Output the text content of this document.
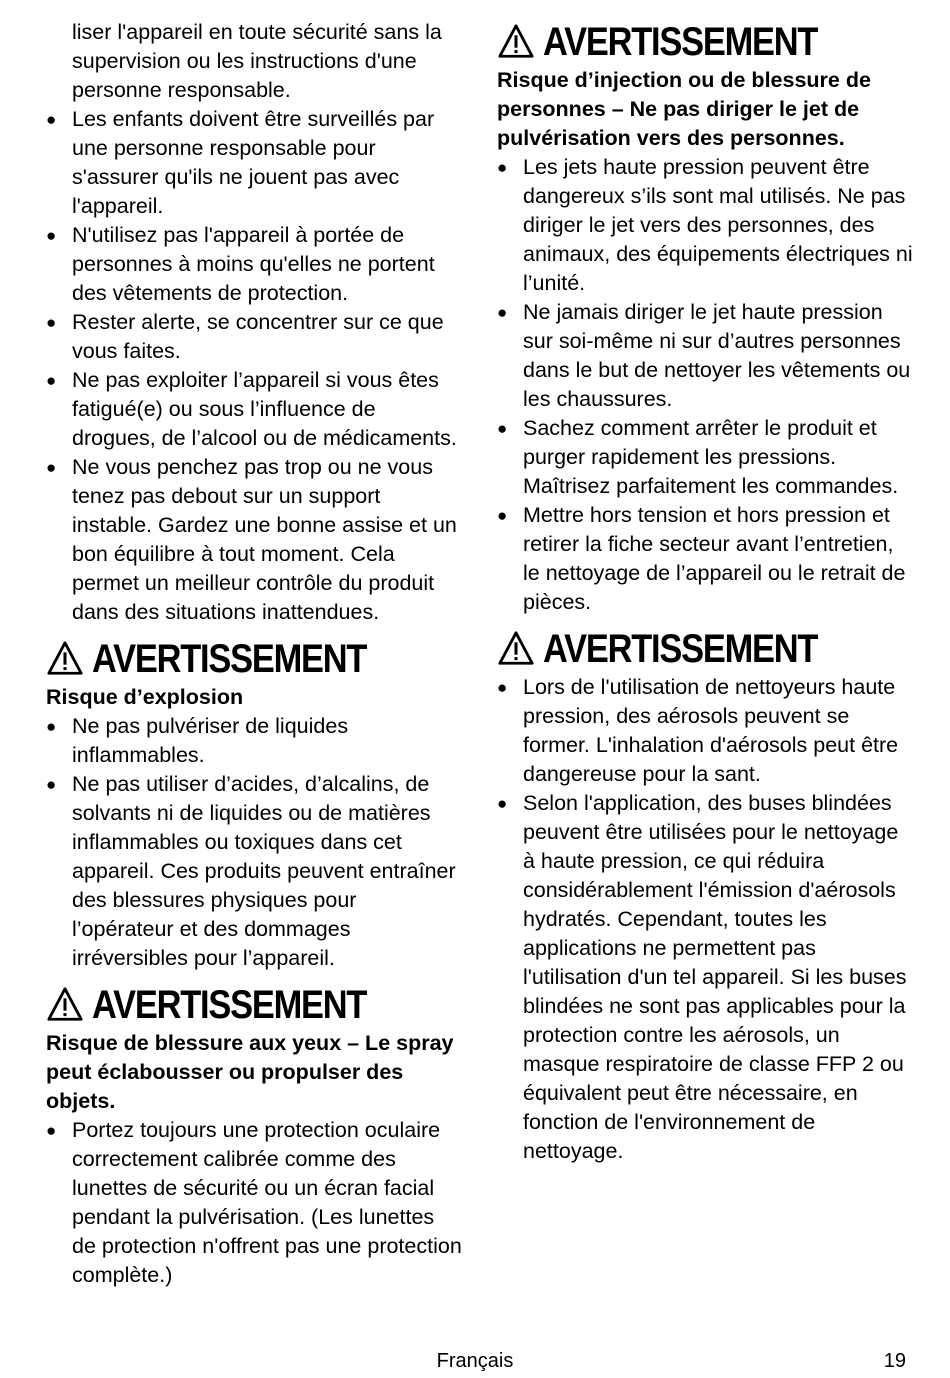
liser l'appareil en toute sécurité sans la supervision ou les instructions d'une personne responsable.

● Les enfants doivent être surveillés par une personne responsable pour s'assurer qu'ils ne jouent pas avec l'appareil.
● N'utilisez pas l'appareil à portée de personnes à moins qu'elles ne portent des vêtements de protection.
● Rester alerte, se concentrer sur ce que vous faites.
● Ne pas exploiter l’appareil si vous êtes fatigué(e) ou sous l’influence de drogues, de l’alcool ou de médicaments.
● Ne vous penchez pas trop ou ne vous tenez pas debout sur un support instable. Gardez une bonne assise et un bon équilibre à tout moment. Cela permet un meilleur contrôle du produit dans des situations inattendues.
AVERTISSEMENT

Risque d’explosion

● Ne pas pulvériser de liquides inflammables.
● Ne pas utiliser d’acides, d’alcalins, de solvants ni de liquides ou de matières inflammables ou toxiques dans cet appareil. Ces produits peuvent entraîner des blessures physiques pour l’opérateur et des dommages irréversibles pour l’appareil.
AVERTISSEMENT

Risque de blessure aux yeux – Le spray peut éclabousser ou propulser des objets.

● Portez toujours une protection oculaire correctement calibrée comme des lunettes de sécurité ou un écran facial pendant la pulvérisation. (Les lunettes de protection n'offrent pas une protection complète.)
AVERTISSEMENT

Risque d’injection ou de blessure de personnes – Ne pas diriger le jet de pulvérisation vers des personnes.

● Les jets haute pression peuvent être dangereux s’ils sont mal utilisés. Ne pas diriger le jet vers des personnes, des animaux, des équipements électriques ni l’unité.
● Ne jamais diriger le jet haute pression sur soi-même ni sur d’autres personnes dans le but de nettoyer les vêtements ou les chaussures.
● Sachez comment arrêter le produit et purger rapidement les pressions. Maîtrisez parfaitement les commandes.
● Mettre hors tension et hors pression et retirer la fiche secteur avant l’entretien, le nettoyage de l’appareil ou le retrait de pièces.
AVERTISSEMENT
● Lors de l'utilisation de nettoyeurs haute pression, des aérosols peuvent se former. L'inhalation d'aérosols peut être dangereuse pour la sant.
● Selon l'application, des buses blindées peuvent être utilisées pour le nettoyage à haute pression, ce qui réduira considérablement l'émission d'aérosols hydratés. Cependant, toutes les applications ne permettent pas l'utilisation d'un tel appareil. Si les buses blindées ne sont pas applicables pour la protection contre les aérosols, un masque respiratoire de classe FFP 2 ou équivalent peut être nécessaire, en fonction de l'environnement de nettoyage.
Français	19
